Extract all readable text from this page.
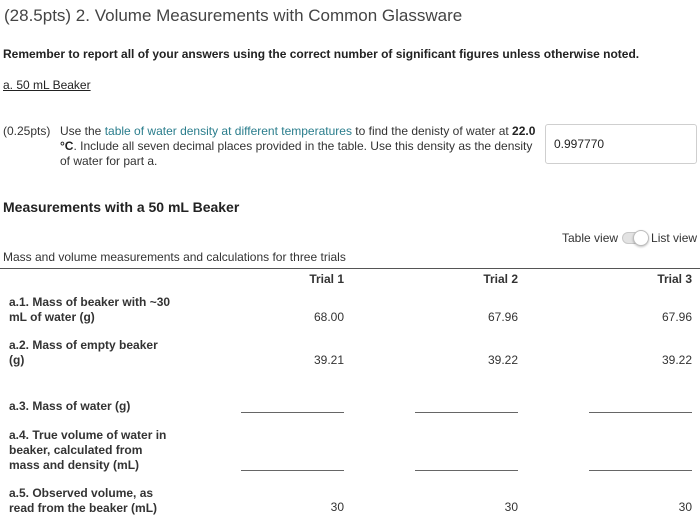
(28.5pts) 2. Volume Measurements with Common Glassware
Remember to report all of your answers using the correct number of significant figures unless otherwise noted.
a. 50 mL Beaker
(0.25pts) Use the table of water density at different temperatures to find the denisty of water at 22.0 °C. Include all seven decimal places provided in the table. Use this density as the density of water for part a.
0.997770
Measurements with a 50 mL Beaker
Table view	List view
Mass and volume measurements and calculations for three trials
Trial 1	Trial 2	Trial 3
a.1. Mass of beaker with ~30 mL of water (g)	68.00	67.96	67.96
a.2. Mass of empty beaker (g)	39.21	39.22	39.22
a.3. Mass of water (g)
a.4. True volume of water in beaker, calculated from mass and density (mL)
a.5. Observed volume, as read from the beaker (mL)	30	30	30
